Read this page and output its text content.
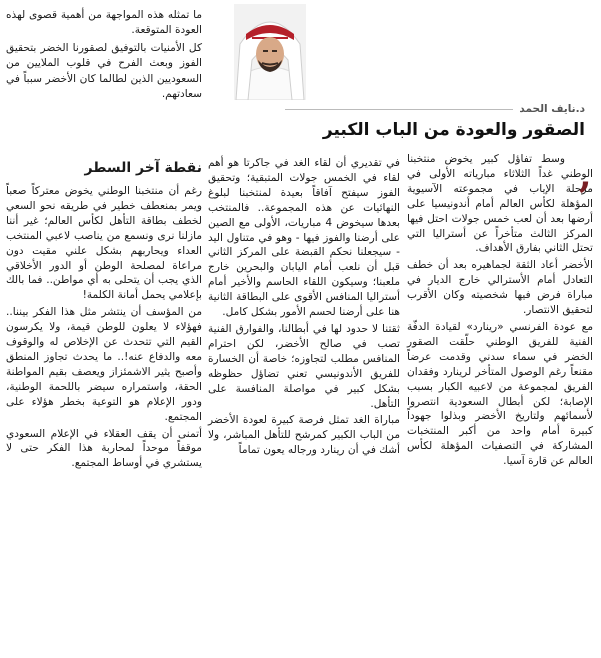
ما تمثله هذه المواجهة من أهمية قصوى لهذه العودة المتوقعة.

كل الأمنيات بالتوفيق لصقورنا الخضر بتحقيق الفوز وبعث الفرح في قلوب الملايين من السعوديين الذين لطالما كان الأخضر سبباً في سعادتهم.

د.نايف الحمد
الصقور والعودة من الباب الكبير
‚

وسط تفاؤل كبير يخوض منتخبنا الوطني غداً الثلاثاء مبارياته الأولى في مرحلة الإياب في مجموعته الآسيوية المؤهلة لكأس العالم أمام أندونيسيا على أرضها بعد أن لعب خمس جولات احتل فيها المركز الثالث متأخراً عن أستراليا التي تحتل الثاني بفارق الأهداف.

الأخضر أعاد الثقة لجماهيره بعد أن خطف التعادل أمام الأسترالي خارج الديار في مباراة فرض فيها شخصيته وكان الأقرب لتحقيق الانتصار.

مع عودة الفرنسي «رينارد» لقيادة الدفّة الفنية للفريق الوطني حلّقت الصقور الخضر في سماء سدني وقدمت عرضاً مقنعاً رغم الوصول المتأخر لرينارد وفقدان الفريق لمجموعة من لاعبيه الكبار بسبب الإصابة؛ لكن أبطال السعودية انتصروا لأسمائهم ولتاريخ الأخضر وبذلوا جهوداً كبيرة أمام واحد من أكبر المنتخبات المشاركة في التصفيات المؤهلة لكأس العالم عن قارة آسيا.

في تقديري أن لقاء الغد في جاكرتا هو أهم لقاء في الخمس جولات المتبقية؛ وتحقيق الفوز سيفتح آفاقاً بعيدة لمنتخبنا لبلوغ النهائيات عن هذه المجموعة.. فالمنتخب بعدها سيخوض 4 مباريات، الأولى مع الصين على أرضنا والفوز فيها - وهو في متناول اليد - سيجعلنا نحكم القبضة على المركز الثاني قبل أن نلعب أمام اليابان والبحرين خارج ملعبنا؛ وسيكون اللقاء الحاسم والأخير أمام أستراليا المنافس الأقوى على البطاقة الثانية هنا على أرضنا لحسم الأمور بشكل كامل.

ثقتنا لا حدود لها في أبطالنا، والفوارق الفنية تصب في صالح الأخضر، لكن احترام المنافس مطلب لتجاوزه؛ خاصة أن الخسارة للفريق الأندونيسي تعني تضاؤل حظوظه بشكل كبير في مواصلة المنافسة على التأهل.

مباراة الغد تمثل فرصة كبيرة لعودة الأخضر من الباب الكبير كمرشح للتأهل المباشر، ولا أشك في أن رينارد ورجاله يعون تماماً

نقطة آخر السطر

رغم أن منتخبنا الوطني يخوض معتركاً صعباً ويمر بمنعطف خطير في طريقه نحو السعي لخطف بطاقة التأهل لكأس العالم؛ غير أننا مازلنا نرى ونسمع من يناصب لاعبي المنتخب العداء ويحاربهم بشكل علني مقيت دون مراعاة لمصلحة الوطن أو الدور الأخلاقي الذي يجب أن يتحلى به أي مواطن.. فما بالك بإعلامي يحمل أمانة الكلمة!

من المؤسف أن ينتشر مثل هذا الفكر بيننا.. فهؤلاء لا يعلون للوطن قيمة، ولا يكرسون القيم التي تتحدث عن الإخلاص له والوقوف معه والدفاع عنه!.. ما يحدث تجاوز المنطق وأصبح يثير الاشمئزاز ويعصف بقيم المواطنة الحقة، واستمراره سيضر باللحمة الوطنية، ودور الإعلام هو التوعية بخطر هؤلاء على المجتمع.

أتمنى أن يقف العقلاء في الإعلام السعودي موقفاً موحداً لمحاربة هذا الفكر حتى لا يستشري في أوساط المجتمع.
